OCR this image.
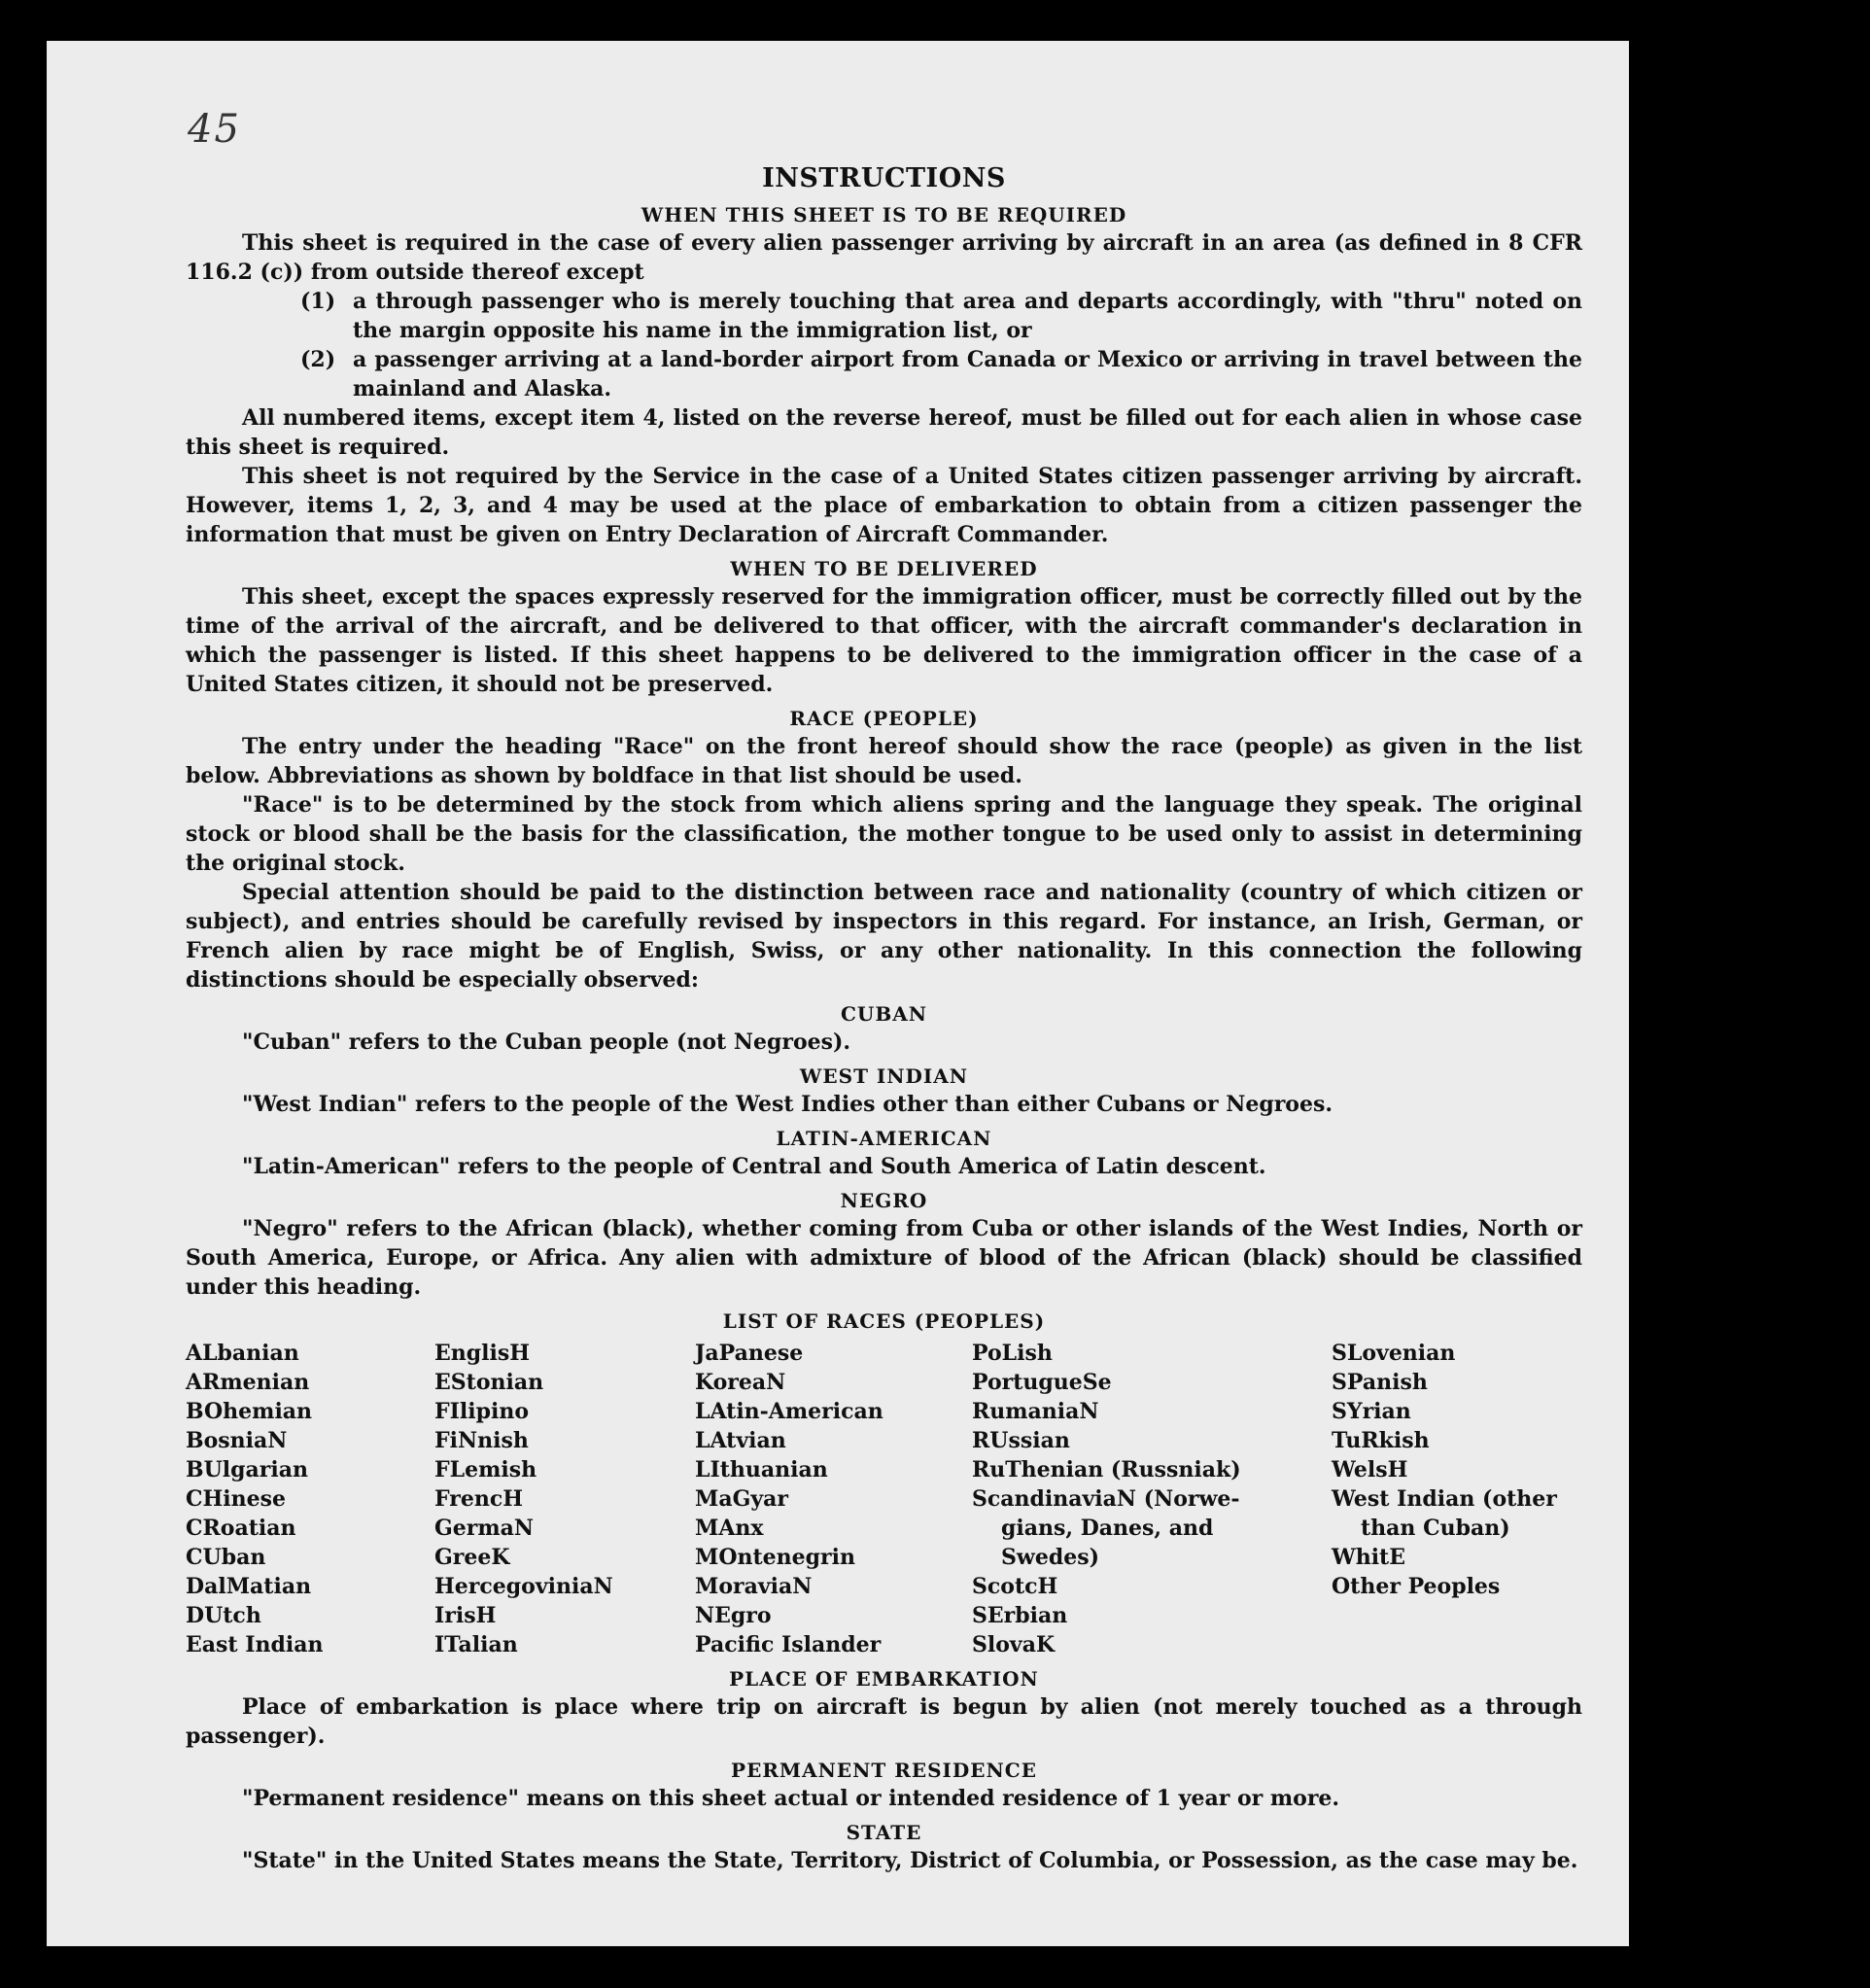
45
INSTRUCTIONS
WHEN THIS SHEET IS TO BE REQUIRED

This sheet is required in the case of every alien passenger arriving by aircraft in an area (as defined in 8 CFR 116.2 (c)) from outside thereof except

(1) a through passenger who is merely touching that area and departs accordingly, with "thru" noted on the margin opposite his name in the immigration list, or
(2) a passenger arriving at a land-border airport from Canada or Mexico or arriving in travel between the mainland and Alaska.

All numbered items, except item 4, listed on the reverse hereof, must be filled out for each alien in whose case this sheet is required.

This sheet is not required by the Service in the case of a United States citizen passenger arriving by aircraft. However, items 1, 2, 3, and 4 may be used at the place of embarkation to obtain from a citizen passenger the information that must be given on Entry Declaration of Aircraft Commander.

WHEN TO BE DELIVERED

This sheet, except the spaces expressly reserved for the immigration officer, must be correctly filled out by the time of the arrival of the aircraft, and be delivered to that officer, with the aircraft commander's declaration in which the passenger is listed. If this sheet happens to be delivered to the immigration officer in the case of a United States citizen, it should not be preserved.

RACE (PEOPLE)

The entry under the heading "Race" on the front hereof should show the race (people) as given in the list below. Abbreviations as shown by boldface in that list should be used.

"Race" is to be determined by the stock from which aliens spring and the language they speak. The original stock or blood shall be the basis for the classification, the mother tongue to be used only to assist in determining the original stock.

Special attention should be paid to the distinction between race and nationality (country of which citizen or subject), and entries should be carefully revised by inspectors in this regard. For instance, an Irish, German, or French alien by race might be of English, Swiss, or any other nationality. In this connection the following distinctions should be especially observed:

CUBAN

"Cuban" refers to the Cuban people (not Negroes).

WEST INDIAN

"West Indian" refers to the people of the West Indies other than either Cubans or Negroes.

LATIN-AMERICAN

"Latin-American" refers to the people of Central and South America of Latin descent.

NEGRO

"Negro" refers to the African (black), whether coming from Cuba or other islands of the West Indies, North or South America, Europe, or Africa. Any alien with admixture of blood of the African (black) should be classified under this heading.

LIST OF RACES (PEOPLES)
ALbanian
ARmenian
BOhemian
BosniaN
BUlgarian
CHinese
CRoatian
CUban
DalMatian
DUtch
East Indian
EnglisH
EStonian
FIlipino
FiNnish
FLemish
FrencH
GermaN
GreeK
HercegoviniaN
IrisH
ITalian
JaPanese
KoreaN
LAtin-American
LAtvian
LIthuanian
MaGyar
MAnx
MOntenegrin
MoraviaN
NEgro
Pacific Islander
PoLish
PortugueSe
RumaniaN
RUssian
RuThenian (Russniak)
ScandinaviaN (Norwe-
gians, Danes, and
Swedes)
ScotcH
SErbian
SlovaK
SLovenian
SPanish
SYrian
TuRkish
WelsH
West Indian (other
than Cuban)
WhitE
Other Peoples
PLACE OF EMBARKATION

Place of embarkation is place where trip on aircraft is begun by alien (not merely touched as a through passenger).

PERMANENT RESIDENCE

"Permanent residence" means on this sheet actual or intended residence of 1 year or more.

STATE

"State" in the United States means the State, Territory, District of Columbia, or Possession, as the case may be.
